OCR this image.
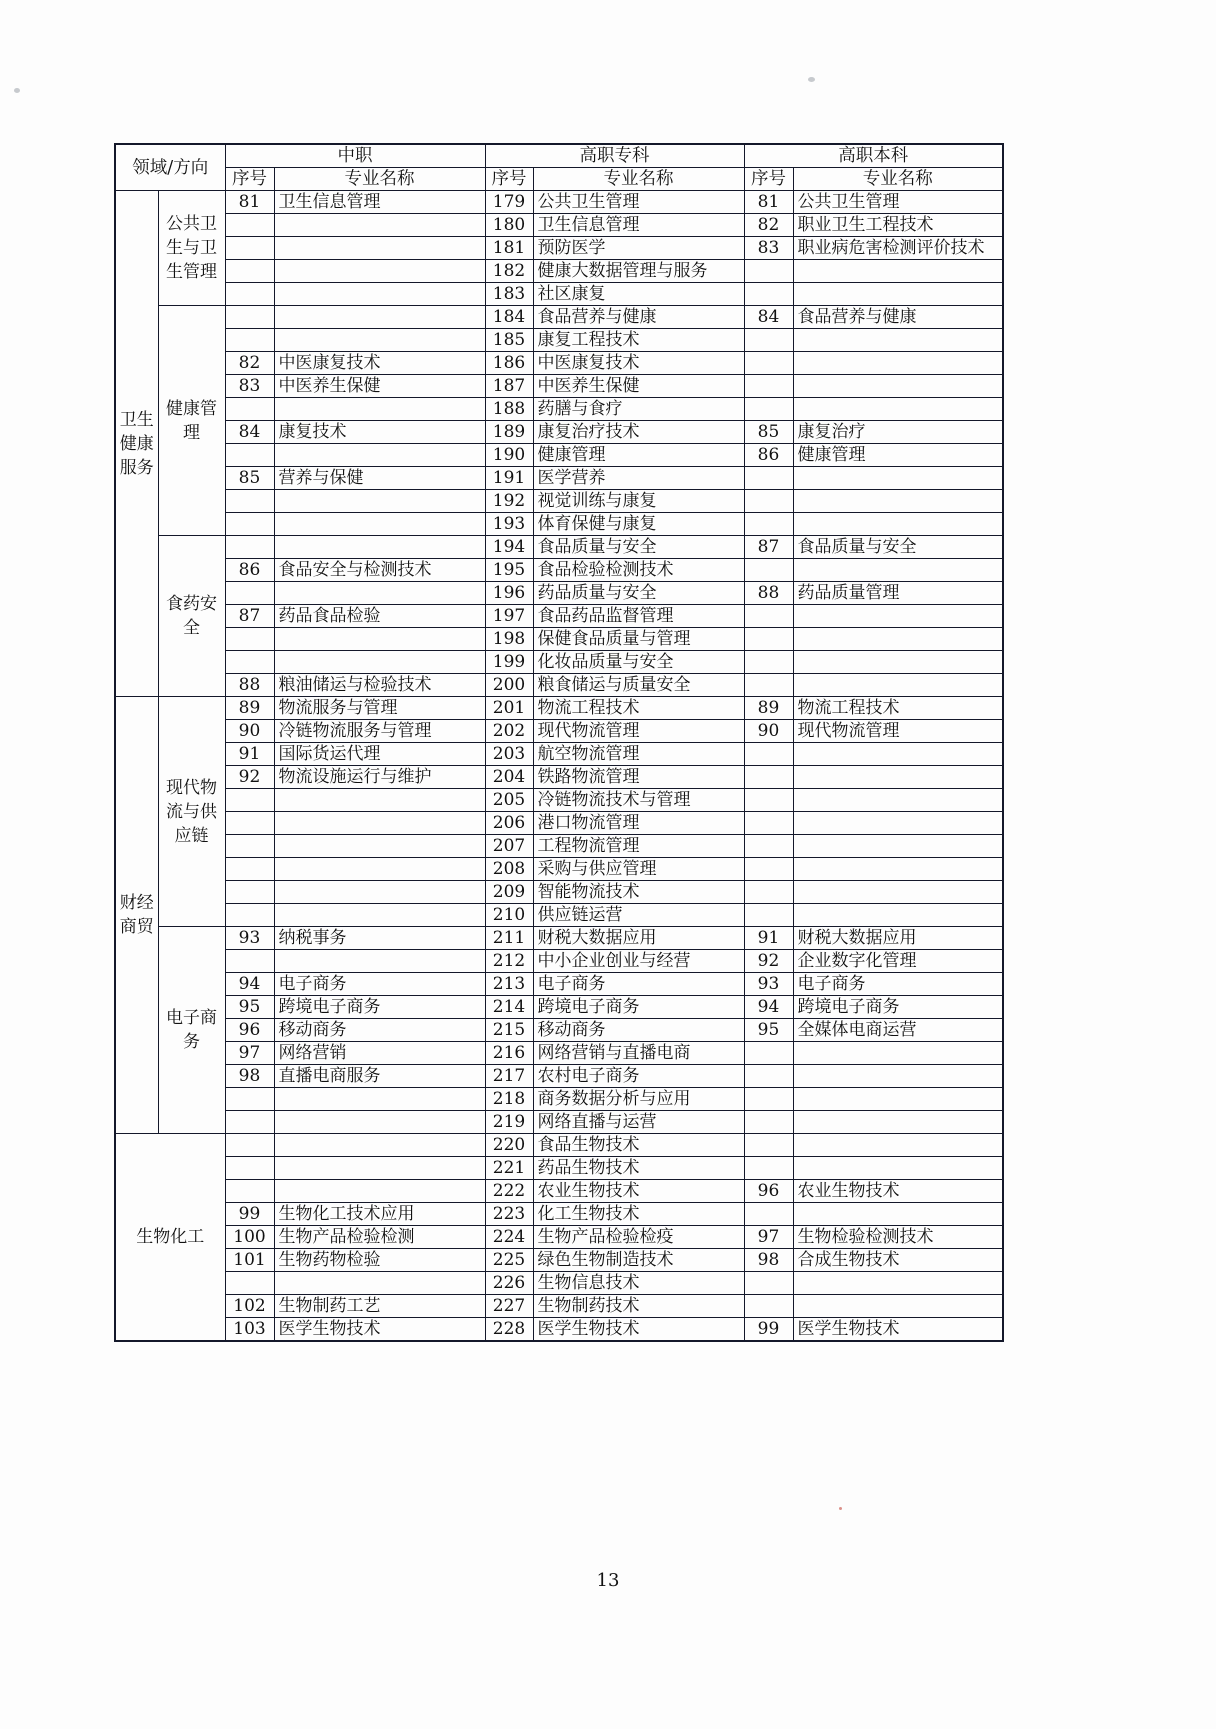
领域/方向		中职		高职专科		高职本科	
		序号	专业名称	序号	专业名称	序号	专业名称
卫生健康服务	公共卫生与卫生管理	81	卫生信息管理	179	公共卫生管理	81	公共卫生管理
				180	卫生信息管理	82	职业卫生工程技术
				181	预防医学	83	职业病危害检测评价技术
				182	健康大数据管理与服务		
				183	社区康复		
	健康管理			184	食品营养与健康	84	食品营养与健康
				185	康复工程技术		
		82	中医康复技术	186	中医康复技术		
		83	中医养生保健	187	中医养生保健		
				188	药膳与食疗		
		84	康复技术	189	康复治疗技术	85	康复治疗
				190	健康管理	86	健康管理
		85	营养与保健	191	医学营养		
				192	视觉训练与康复		
				193	体育保健与康复		
	食药安全			194	食品质量与安全	87	食品质量与安全
		86	食品安全与检测技术	195	食品检验检测技术		
				196	药品质量与安全	88	药品质量管理
		87	药品食品检验	197	食品药品监督管理		
				198	保健食品质量与管理		
				199	化妆品质量与安全		
		88	粮油储运与检验技术	200	粮食储运与质量安全		
财经商贸	现代物流与供应链	89	物流服务与管理	201	物流工程技术	89	物流工程技术
		90	冷链物流服务与管理	202	现代物流管理	90	现代物流管理
		91	国际货运代理	203	航空物流管理		
		92	物流设施运行与维护	204	铁路物流管理		
				205	冷链物流技术与管理		
				206	港口物流管理		
				207	工程物流管理		
				208	采购与供应管理		
				209	智能物流技术		
				210	供应链运营		
	电子商务	93	纳税事务	211	财税大数据应用	91	财税大数据应用
				212	中小企业创业与经营	92	企业数字化管理
		94	电子商务	213	电子商务	93	电子商务
		95	跨境电子商务	214	跨境电子商务	94	跨境电子商务
		96	移动商务	215	移动商务	95	全媒体电商运营
		97	网络营销	216	网络营销与直播电商		
		98	直播电商服务	217	农村电子商务		
				218	商务数据分析与应用		
				219	网络直播与运营		
生物化工				220	食品生物技术		
				221	药品生物技术		
				222	农业生物技术	96	农业生物技术
		99	生物化工技术应用	223	化工生物技术		
		100	生物产品检验检测	224	生物产品检验检疫	97	生物检验检测技术
		101	生物药物检验	225	绿色生物制造技术	98	合成生物技术
				226	生物信息技术		
		102	生物制药工艺	227	生物制药技术		
		103	医学生物技术	228	医学生物技术	99	医学生物技术
13
